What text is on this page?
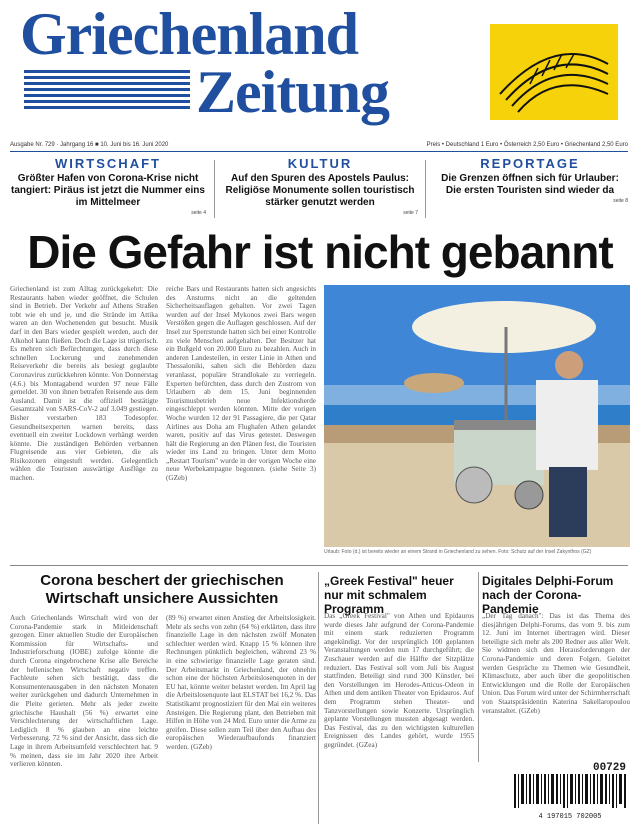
Griechenland
Zeitung
Ausgabe Nr. 729 · Jahrgang 16 ■ 10. Juni bis 16. Juni 2020	Preis • Deutschland 1 Euro • Österreich 2,50 Euro • Griechenland 2,50 Euro
WIRTSCHAFT
Größter Hafen von Corona-Krise nicht tangiert: Piräus ist jetzt die Nummer eins im Mittelmeer
seite 4
KULTUR
Auf den Spuren des Apostels Paulus: Religiöse Monumente sollen touristisch stärker genutzt werden
seite 7
REPORTAGE
Die Grenzen öffnen sich für Urlauber: Die ersten Touristen sind wieder da
seite 8
Die Gefahr ist nicht gebannt
Griechenland ist zum Alltag zurückgekehrt: Die Restaurants haben wieder geöffnet, die Schulen sind in Betrieb. Der Verkehr auf Athens Straßen tobt wie eh und je, und die Strände im Attika waren an den Wochenenden gut besucht. Musik darf in den Bars wieder gespielt werden, auch der Alkohol kann fließen. Doch die Lage ist trügerisch. Es mehren sich Befürchtungen, dass durch diese schnellen Lockerung und zunehmenden Reiseverkehr die bereits als besiegt geglaubte Coronavirus zurückkehren könnte. Von Donnerstag (4.6.) bis Montagabend wurden 97 neue Fälle gemeldet. 30 von ihnen betrafen Reisende aus dem Ausland. Damit ist die offiziell bestätigte Gesamtzahl von SARS-CoV-2 auf 3.049 gestiegen. Bisher verstarben 183 Todesopfer. Gesundheitsexperten warnen bereits, dass eventuell ein zweiter Lockdown verhängt werden könnte. Die zuständigen Behörden verbannen Flugreisende aus vier Gebieten, die als Risikozonen eingestuft werden. Gelegentlich wählen die Touristen auswärtige Ausflüge zu machen.
reiche Bars und Restaurants hatten sich angesichts des Ansturms nicht an die geltenden Sicherheitsauflagen gehalten. Vor zwei Tagen wurden auf der Insel Mykonos zwei Bars wegen Verstößen gegen die Auflagen geschlossen. Auf der Insel zur Sperrstunde hatten sich bei einer Kontrolle zu viele Menschen aufgehalten. Der Besitzer hat ein Bußgeld von 20.000 Euro zu bezahlen. Auch in anderen Landesteilen, in erster Linie in Athen und Thessaloniki, sahen sich die Behörden dazu veranlasst, populäre Strandlokale zu verriegeln. Experten befürchten, dass durch den Zustrom von Urlaubern ab dem 15. Juni beginnenden Tourismusbetrieb neue Infektionsherde eingeschleppt werden könnten. Mitte der vorigen Woche wurden 12 der 91 Passagiere, die per Qatar Airlines aus Doha am Flughafen Athen gelandet waren, positiv auf das Virus getestet. Deswegen hält die Regierung an den Plänen fest, die Touristen wieder ins Land zu bringen. Unter dem Motto „Restart Tourism" wurde in der vorigen Woche eine neue Werbekampagne begonnen. (siehe Seite 3) (GZeb)
Urlaub: Foto (d.) ist bereits wieder an einem Strand in Griechenland zu sehen. Foto: Schutz auf der Insel Zakynthos (GZ)
Corona beschert der griechischen Wirtschaft unsichere Aussichten
Auch Griechenlands Wirtschaft wird von der Corona-Pandemie stark in Mitleidenschaft gezogen. Einer aktuellen Studie der Europäischen Kommission für Wirtschafts- und Industrieforschung (IOBE) zufolge könnte die durch Corona eingebrochene Krise alle Bereiche der hellenischen Wirtschaft negativ treffen. Fachleute sehen sich bestätigt, dass die Konsumentenausgaben in den nächsten Monaten weiter zurückgehen und dadurch Unternehmen in die Pleite gerieten. Mehr als jeder zweite griechische Haushalt (56 %) erwartet eine Verschlechterung der wirtschaftlichen Lage. Lediglich 8 % glauben an eine leichte Verbesserung. 72 % sind der Ansicht, dass sich die Lage in ihrem Arbeitsumfeld verschlechtert hat. 9 % meinen, dass sie im Jahr 2020 ihre Arbeit verlieren könnten.
(89 %) erwartet einen Anstieg der Arbeitslosigkeit. Mehr als sechs von zehn (64 %) erklärten, dass ihre finanzielle Lage in den nächsten zwölf Monaten schlechter werden wird. Knapp 15 % können ihre Rechnungen pünktlich begleichen, während 23 % in eine schwierige finanzielle Lage geraten sind. Der Arbeitsmarkt in Griechenland, der ohnehin schon eine der höchsten Arbeitslosenquoten in der EU hat, könnte weiter belastet werden. Im April lag die Arbeitslosenquote laut ELSTAT bei 16,2 %. Das Statistikamt prognostiziert für den Mai ein weiteres Ansteigen. Die Regierung plant, den Betrieben mit Hilfen in Höhe von 24 Mrd. Euro unter die Arme zu greifen. Diese sollen zum Teil über den Aufbau des europäischen Wiederaufbaufonds finanziert werden. (GZeb)
„Greek Festival" heuer nur mit schmalem Programm
Das „Greek Festival" von Athen und Epidauros wurde dieses Jahr aufgrund der Corona-Pandemie mit einem stark reduzierten Programm angekündigt. Vor der ursprünglich 100 geplanten Veranstaltungen werden nun 17 durchgeführt; die Zuschauer werden auf die Hälfte der Sitzplätze reduziert. Das Festival soll vom Juli bis August stattfinden. Beteiligt sind rund 300 Künstler, bei den Vorstellungen im Herodes-Atticus-Odeon in Athen und dem antiken Theater von Epidauros. Auf dem Programm stehen Theater- und Tanzvorstellungen sowie Konzerte. Ursprünglich geplante Vorstellungen mussten abgesagt werden. Das Festival, das zu den wichtigsten kulturellen Ereignissen des Landes gehört, wurde 1955 gegründet. (GZea)
Digitales Delphi-Forum nach der Corona-Pandemie
„Der Tag danach": Das ist das Thema des diesjährigen Delphi-Forums, das vom 9. bis zum 12. Juni im Internet übertragen wird. Dieser beteiligte sich mehr als 200 Redner aus aller Welt. Sie widmen sich den Herausforderungen der Corona-Pandemie und deren Folgen. Geleitet werden Gespräche zu Themen wie Gesundheit, Klimaschutz, aber auch über die geopolitischen Entwicklungen und die Rolle der Europäischen Union. Das Forum wird unter der Schirmherrschaft von Staatspräsidentin Katerina Sakellaropoulou veranstaltet. (GZeb)
00729
4 197015 702005
